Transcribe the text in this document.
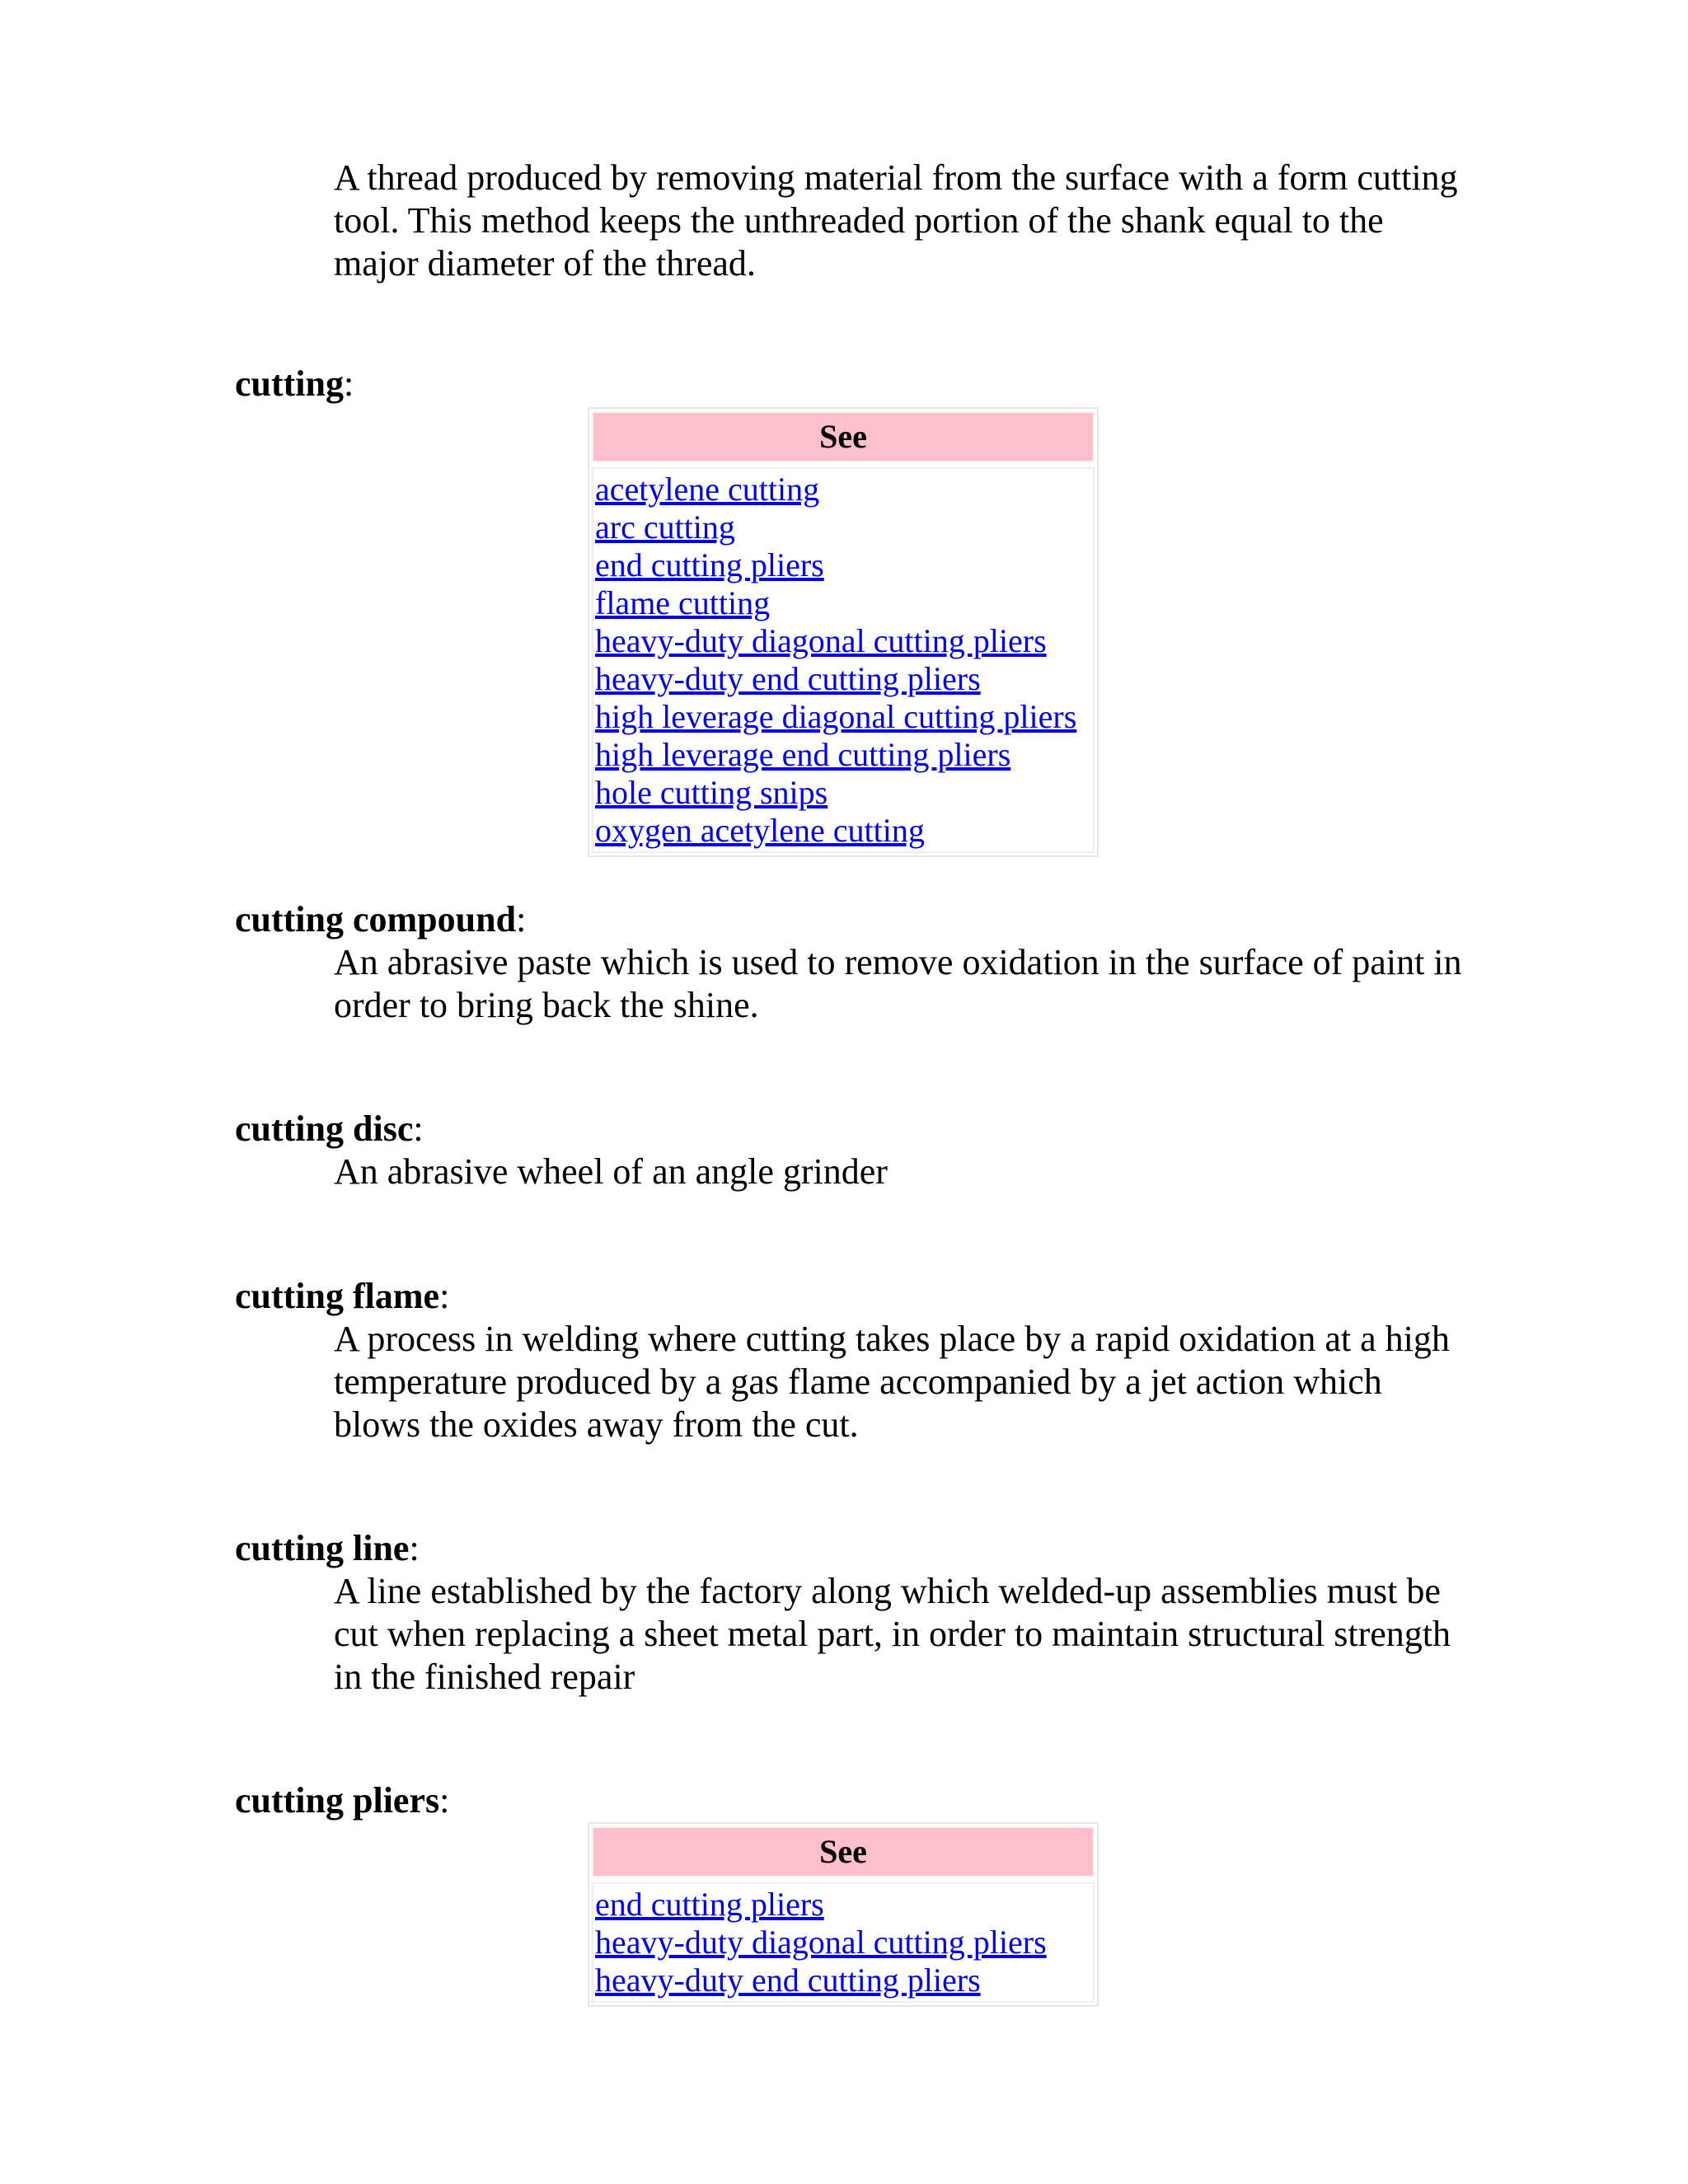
A thread produced by removing material from the surface with a form cutting tool. This method keeps the unthreaded portion of the shank equal to the major diameter of the thread.
cutting:
See
acetylene cutting
arc cutting
end cutting pliers
flame cutting
heavy-duty diagonal cutting pliers
heavy-duty end cutting pliers
high leverage diagonal cutting pliers
high leverage end cutting pliers
hole cutting snips
oxygen acetylene cutting
cutting compound:
An abrasive paste which is used to remove oxidation in the surface of paint in order to bring back the shine.
cutting disc:
An abrasive wheel of an angle grinder
cutting flame:
A process in welding where cutting takes place by a rapid oxidation at a high temperature produced by a gas flame accompanied by a jet action which blows the oxides away from the cut.
cutting line:
A line established by the factory along which welded-up assemblies must be cut when replacing a sheet metal part, in order to maintain structural strength in the finished repair
cutting pliers:
See
end cutting pliers
heavy-duty diagonal cutting pliers
heavy-duty end cutting pliers
